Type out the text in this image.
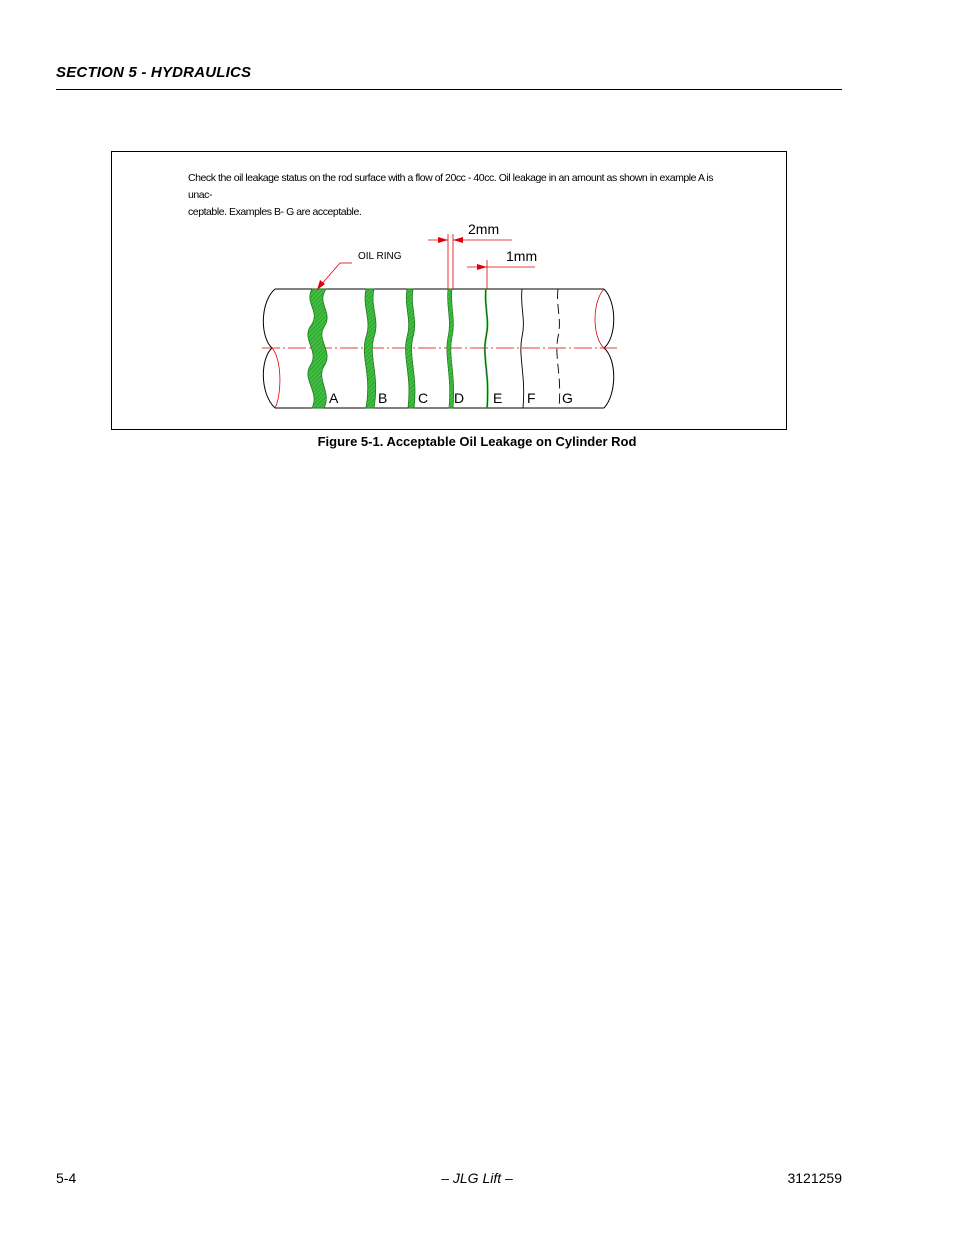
SECTION 5 - HYDRAULICS
Check the oil leakage status on the rod surface with a flow of 20cc - 40cc. Oil leakage in an amount as shown in example A is unac-
ceptable. Examples B- G are acceptable.
2mm
1mm
OIL RING
A	B C D E F G
Figure 5-1. Acceptable Oil Leakage on Cylinder Rod
5-4	– JLG Lift –	3121259
